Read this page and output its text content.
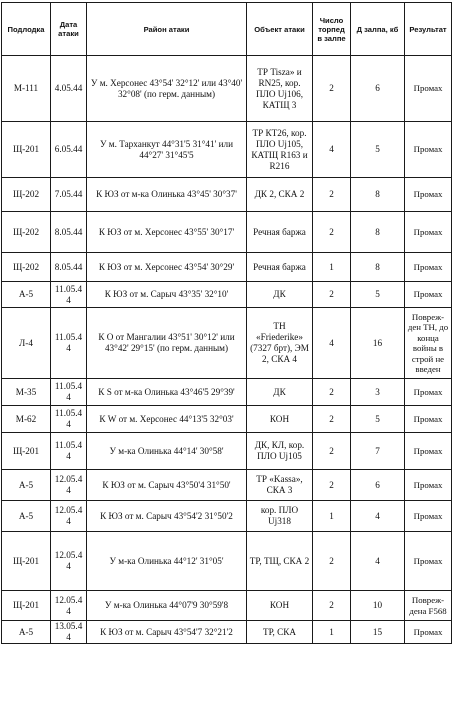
Подлодка	Дата атаки	Район атаки	Объект атаки	Число торпед в залпе	Д залпа, кб	Результат
М-111	4.05.44	У м. Херсонес 43°54' 32°12' или 43°40' 32°08' (по герм. данным)	ТР Tisza» и RN25, кор. ПЛО Uj106, КАТЩ 3	2	6	Промах
Щ-201	6.05.44	У м. Тарханкут 44°31'5 31°41' или 44°27' 31°45'5	ТР КТ26, кор. ПЛО Uj105, КАТЩ R163 и R216	4	5	Промах
Щ-202	7.05.44	К ЮЗ от м-ка Олинька 43°45' 30°37'	ДК 2, СКА 2	2	8	Промах
Щ-202	8.05.44	К ЮЗ от м. Херсонес 43°55' 30°17'	Речная баржа	2	8	Промах
Щ-202	8.05.44	К ЮЗ от м. Херсонес 43°54' 30°29'	Речная баржа	1	8	Промах
А-5	11.05.44	К ЮЗ от м. Сарыч 43°35' 32°10'	ДК	2	5	Промах
Л-4	11.05.44	К О от Мангалии 43°51' 30°12' или 43°42' 29°15' (по герм. данным)	ТН «Friederike» (7327 брт), ЭМ 2, СКА 4	4	16	Повреж-ден ТН, до конца войны в строй не введен
М-35	11.05.44	К S от м-ка Олинька 43°46'5 29°39'	ДК	2	3	Промах
М-62	11.05.44	К W от м. Херсонес 44°13'5 32°03'	КОН	2	5	Промах
Щ-201	11.05.44	У м-ка Олинька 44°14' 30°58'	ДК, КЛ, кор. ПЛО Uj105	2	7	Промах
А-5	12.05.44	К ЮЗ от м. Сарыч 43°50'4 31°50'	ТР «Kassa», СКА 3	2	6	Промах
А-5	12.05.44	К ЮЗ от м. Сарыч 43°54'2 31°50'2	кор. ПЛО Uj318	1	4	Промах
Щ-201	12.05.44	У м-ка Олинька 44°12' 31°05'	ТР, ТЩ, СКА 2	2	4	Промах
Щ-201	12.05.44	У м-ка Олинька 44°07'9 30°59'8	КОН	2	10	Повреж-дена F568
А-5	13.05.44	К ЮЗ от м. Сарыч 43°54'7 32°21'2	ТР, СКА	1	15	Промах
